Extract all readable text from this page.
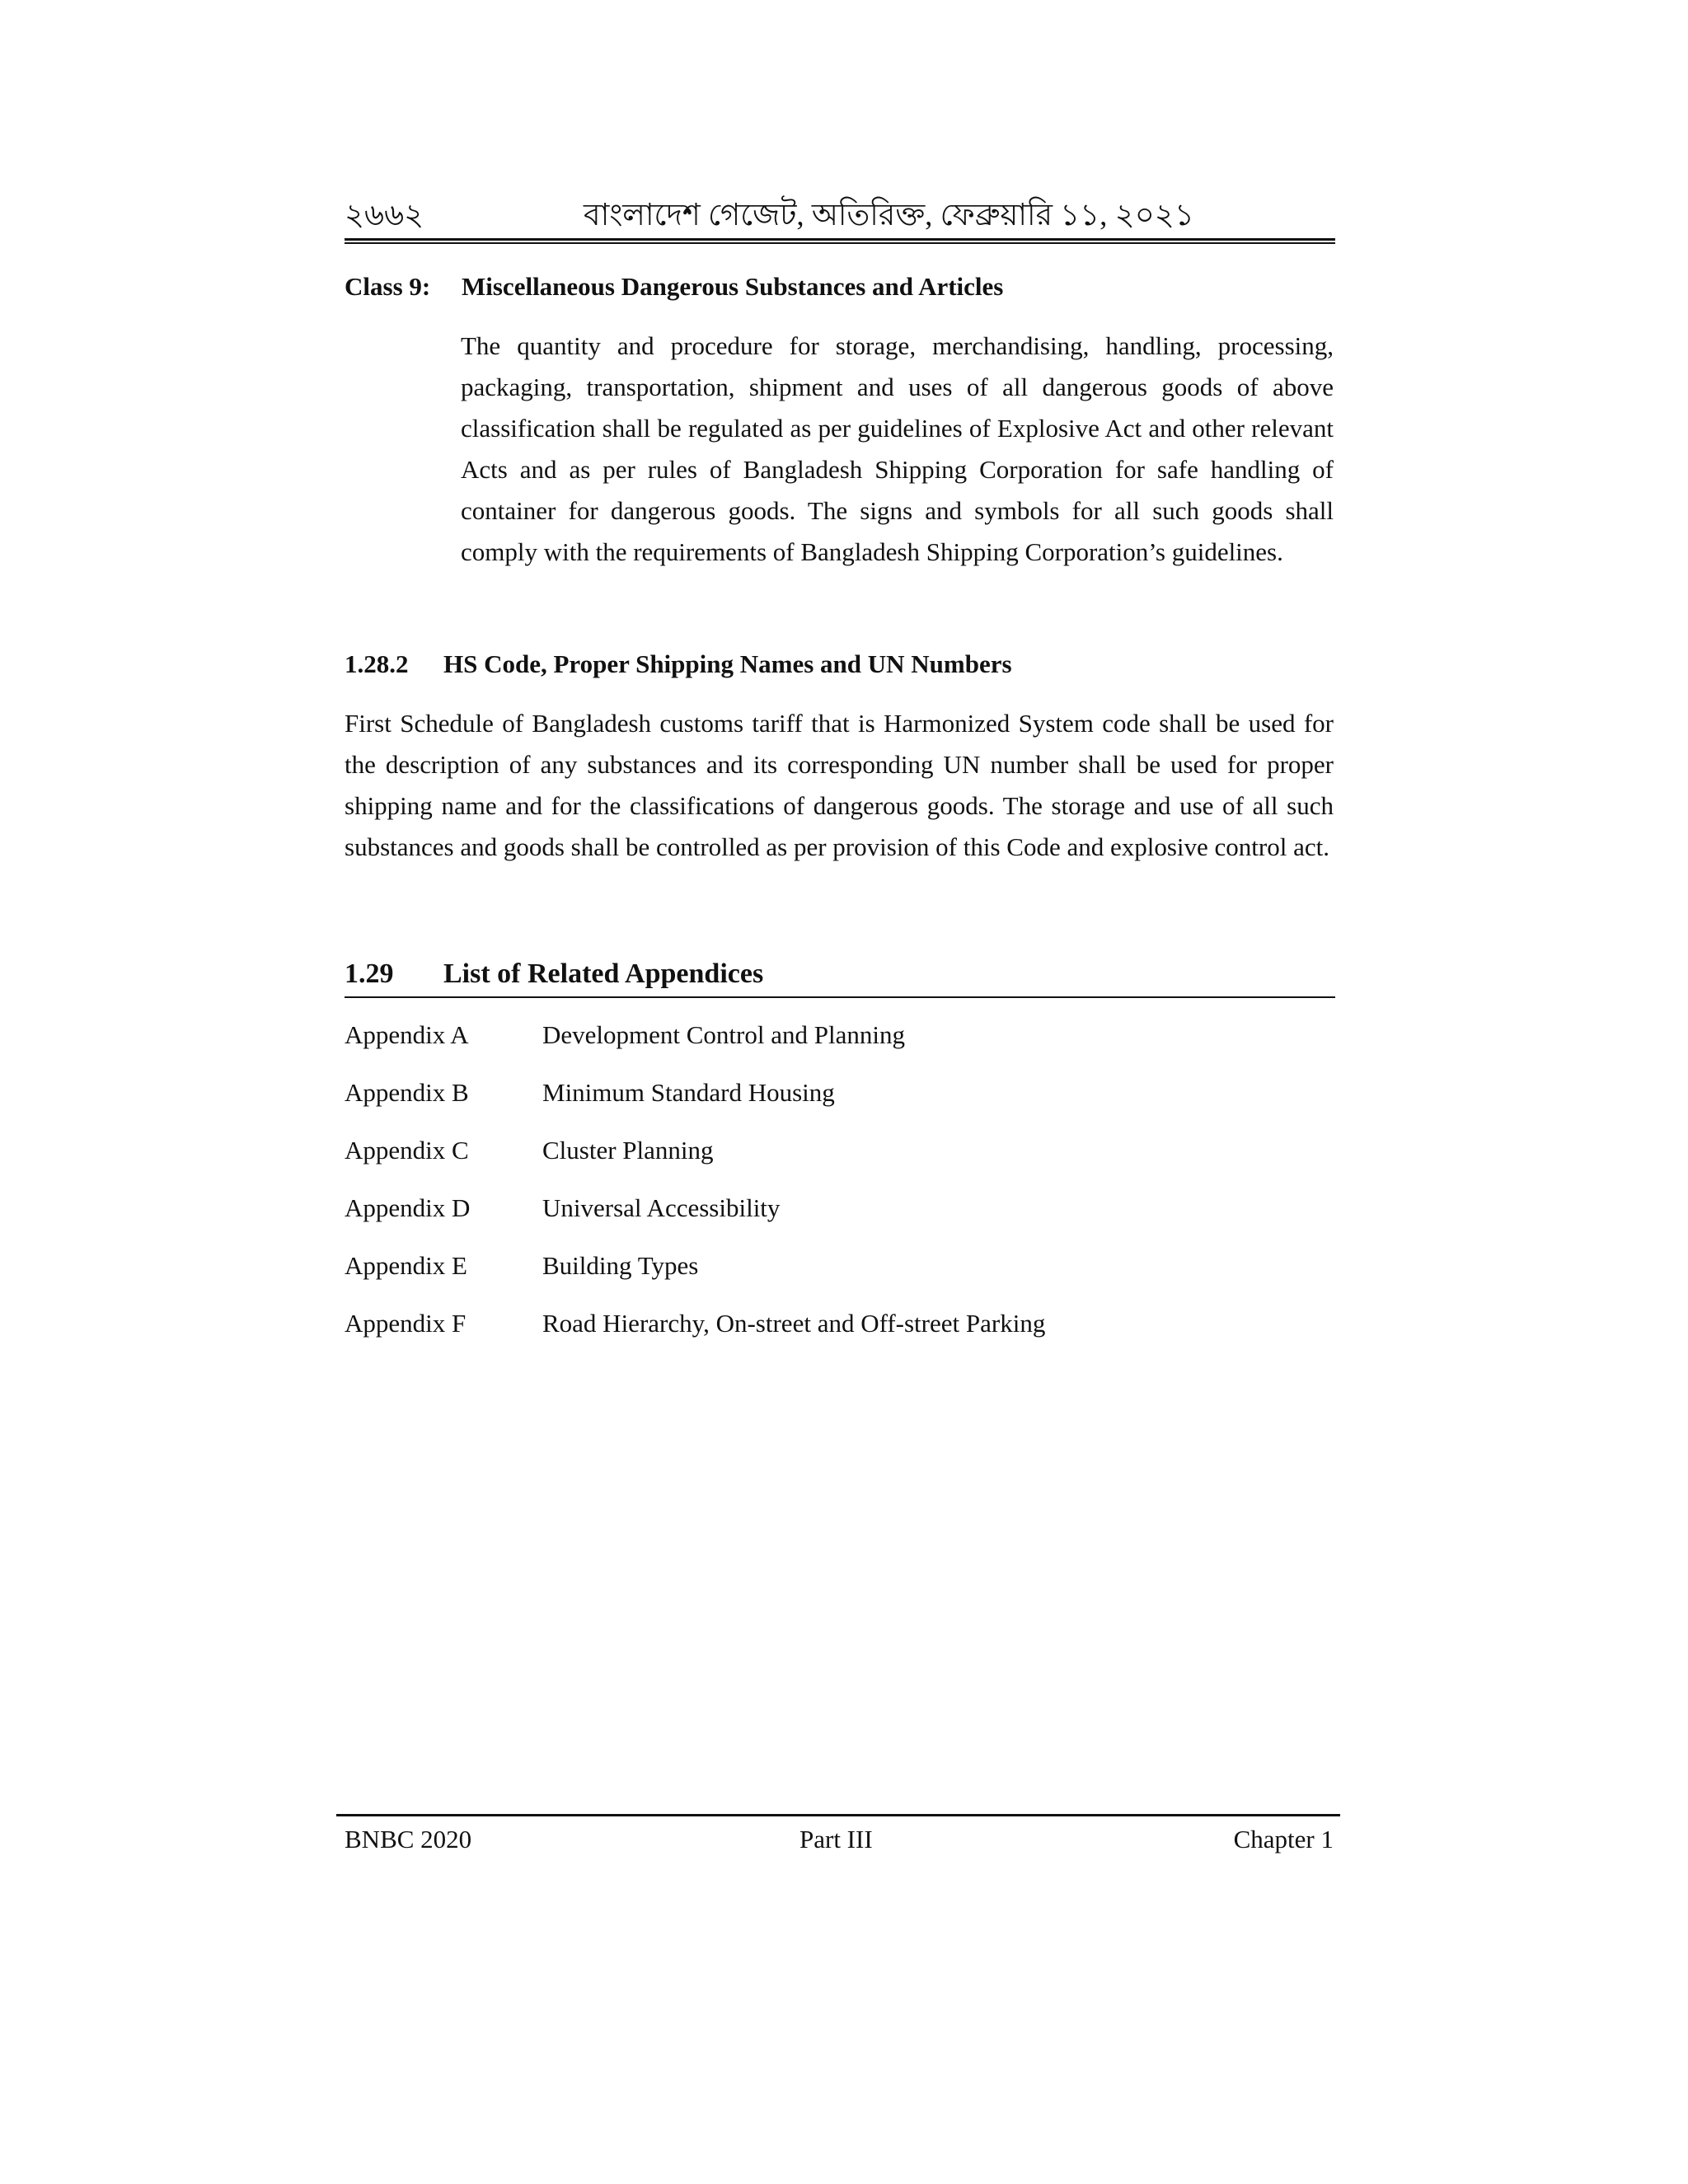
২৬৬২	বাংলাদেশ গেজেট, অতিরিক্ত, ফেব্রুয়ারি ১১, ২০২১
Class 9: Miscellaneous Dangerous Substances and Articles

The quantity and procedure for storage, merchandising, handling, processing, packaging, transportation, shipment and uses of all dangerous goods of above classification shall be regulated as per guidelines of Explosive Act and other relevant Acts and as per rules of Bangladesh Shipping Corporation for safe handling of container for dangerous goods. The signs and symbols for all such goods shall comply with the requirements of Bangladesh Shipping Corporation’s guidelines.

1.28.2 HS Code, Proper Shipping Names and UN Numbers

First Schedule of Bangladesh customs tariff that is Harmonized System code shall be used for the description of any substances and its corresponding UN number shall be used for proper shipping name and for the classifications of dangerous goods. The storage and use of all such substances and goods shall be controlled as per provision of this Code and explosive control act.

1.29 List of Related Appendices
Appendix A	Development Control and Planning
Appendix B	Minimum Standard Housing
Appendix C	Cluster Planning
Appendix D	Universal Accessibility
Appendix E	Building Types
Appendix F	Road Hierarchy, On-street and Off-street Parking
BNBC 2020	Part III	Chapter 1
